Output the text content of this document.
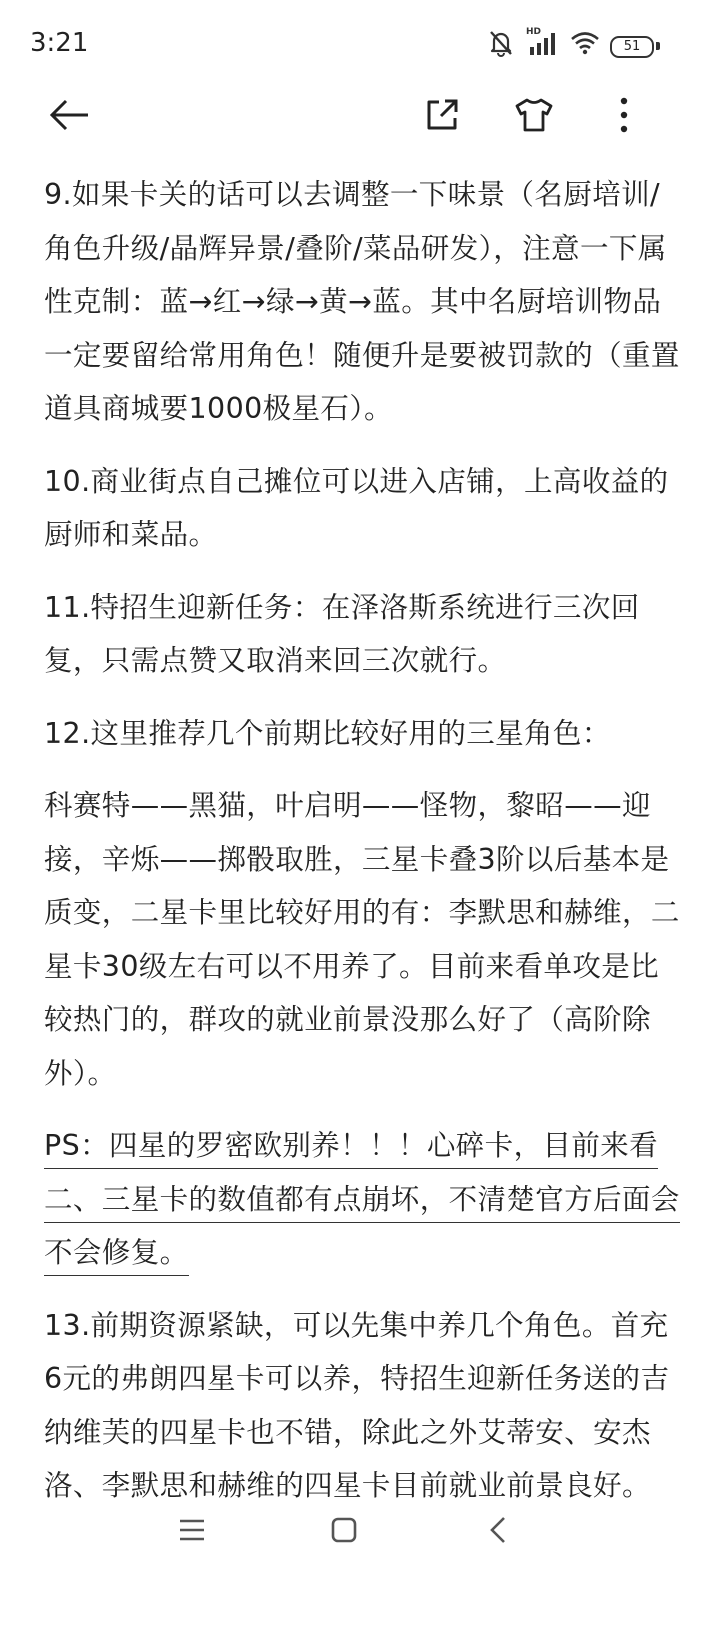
3:21	HD
51

9.如果卡关的话可以去调整一下味景（名厨培训/角色升级/晶辉异景/叠阶/菜品研发），注意一下属性克制：蓝→红→绿→黄→蓝。其中名厨培训物品一定要留给常用角色！随便升是要被罚款的（重置道具商城要1000极星石）。

10.商业街点自己摊位可以进入店铺，上高收益的厨师和菜品。

11.特招生迎新任务：在泽洛斯系统进行三次回复，只需点赞又取消来回三次就行。

12.这里推荐几个前期比较好用的三星角色：

科赛特——黑猫，叶启明——怪物，黎昭——迎接，辛烁——掷骰取胜，三星卡叠3阶以后基本是质变，二星卡里比较好用的有：李默思和赫维，二星卡30级左右可以不用养了。目前来看单攻是比较热门的，群攻的就业前景没那么好了（高阶除外）。

PS：四星的罗密欧别养！！！心碎卡，目前来看二、三星卡的数值都有点崩坏，不清楚官方后面会不会修复。

13.前期资源紧缺，可以先集中养几个角色。首充6元的弗朗四星卡可以养，特招生迎新任务送的吉纳维芙的四星卡也不错，除此之外艾蒂安、安杰洛、李默思和赫维的四星卡目前就业前景良好。
